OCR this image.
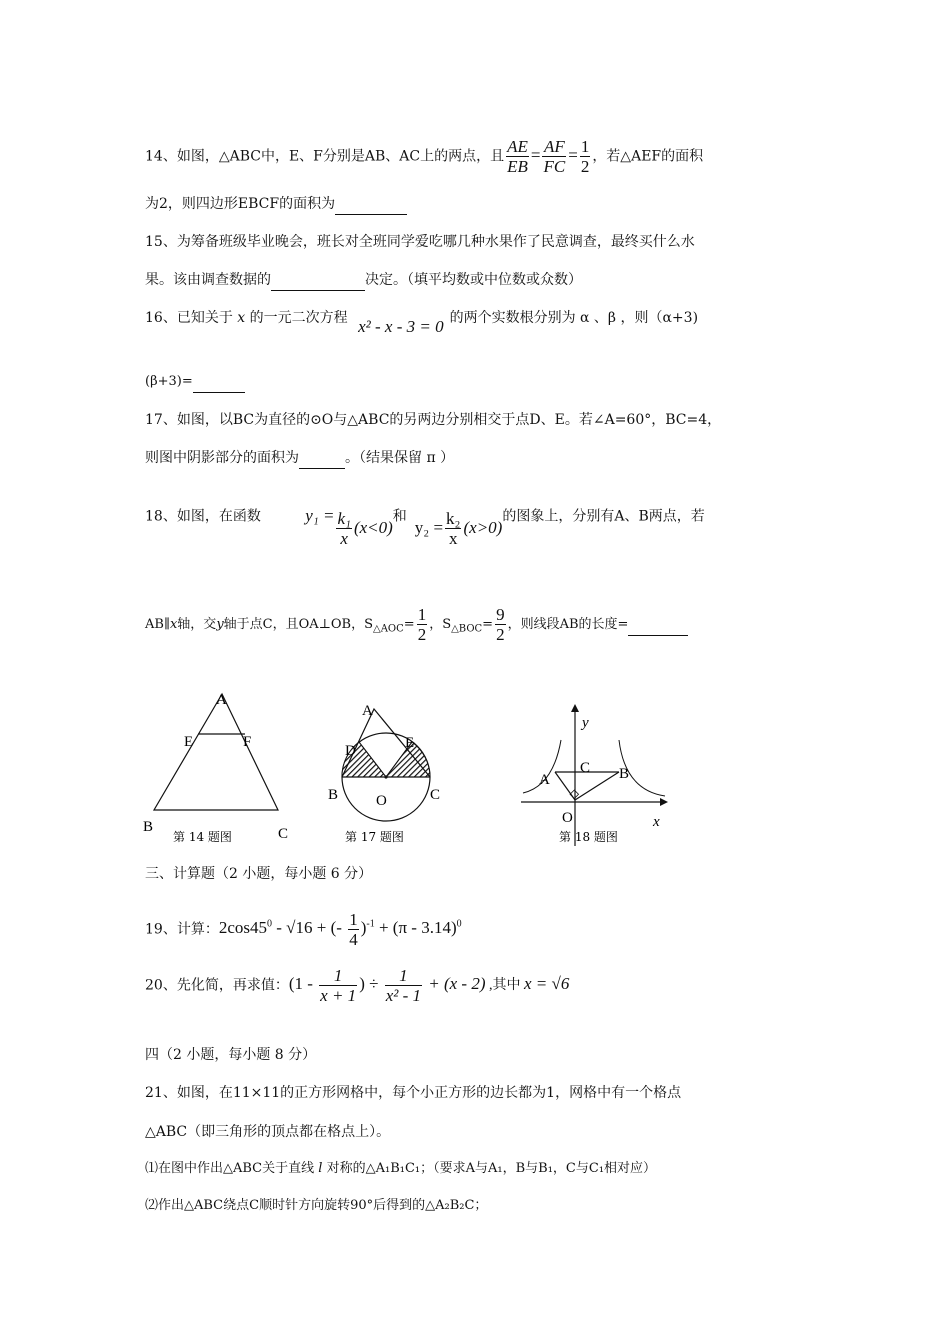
14、如图，△ABC中，E、F分别是AB、AC上的两点，且 $\frac{AE}{EB} = \frac{AF}{FC} = \frac{1}{2}$ ，若△AEF的面积
为2，则四边形EBCF的面积为
15、为筹备班级毕业晚会，班长对全班同学爱吃哪几种水果作了民意调查，最终买什么水
果。该由调查数据的	决定。（填平均数或中位数或众数）
16、已知关于 x 的一元二次方程 x² - x - 3 = 0 的两个实数根分别为 α 、β ，则（α+3)
(β+3)=
17、如图，以BC为直径的⊙O与△ABC的另两边分别相交于点D、E。若∠A=60°，BC=4，
则图中阴影部分的面积为	。（结果保留 π ）
18、如图，在函数	$y_1 = \frac{\text{k₁}}{x} (x<0)$和$y_2 = \frac{\text{k₂}}{x} (x>0)$的图象上，分别有A、B两点，若
AB∥x轴，交y轴于点C，且OA⊥OB，$S_{\triangle AOC}= \frac{1}{2}$ ，$S_{\triangle BOC}= \frac{9}{2}$ ，则线段AB的长度=
A
E	F
B	C
第 14 题图
A
D	E
B	O	C
第 17 题图
y
C
A	B
O	x
第 18 题图
三、计算题（2 小题，每小题 6 分）
19、计算：$2\cos 45^0 - √16$ + (- $\frac{1}{4} )^{-1} + (\pi - 3.14)^0$
20、先化简，再求值：($1 - \frac{1}{x + 1}$ ) ÷ $\frac{1}{\text{x² - 1}} + (x - 2)$ ,其中 x = √6
四（2 小题，每小题 8 分）
21、如图，在11×11的正方形网格中，每个小正方形的边长都为1，网格中有一个格点
△ABC（即三角形的顶点都在格点上）。
⑴在图中作出△ABC关于直线 l 对称的△A₁B₁C₁；（要求A与A₁，B与B₁，C与C₁相对应）
⑵作出△ABC绕点C顺时针方向旋转90°后得到的△A₂B₂C；
